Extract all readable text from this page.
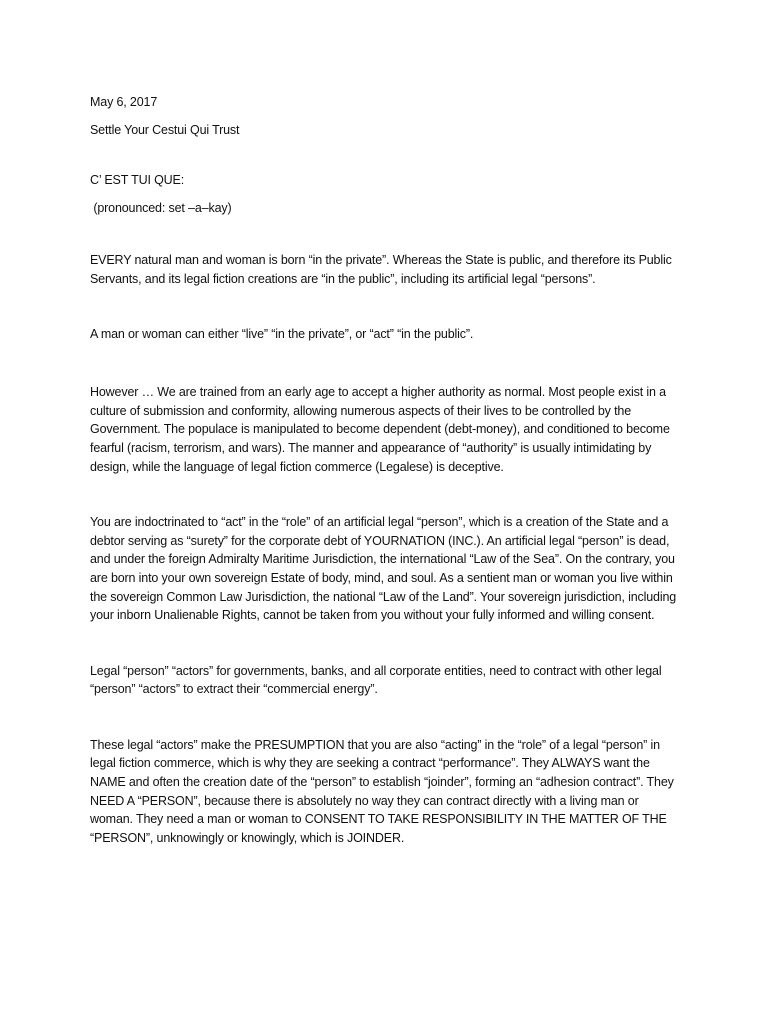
May 6, 2017

Settle Your Cestui Qui Trust

C’ EST TUI QUE:

(pronounced: set –a–kay)

EVERY natural man and woman is born “in the private”. Whereas the State is public, and therefore its Public Servants, and its legal fiction creations are “in the public”, including its artificial legal “persons”.

A man or woman can either “live” “in the private”, or “act” “in the public”.

However … We are trained from an early age to accept a higher authority as normal. Most people exist in a culture of submission and conformity, allowing numerous aspects of their lives to be controlled by the Government. The populace is manipulated to become dependent (debt-money), and conditioned to become fearful (racism, terrorism, and wars). The manner and appearance of “authority” is usually intimidating by design, while the language of legal fiction commerce (Legalese) is deceptive.

You are indoctrinated to “act” in the “role” of an artificial legal “person”, which is a creation of the State and a debtor serving as “surety” for the corporate debt of YOURNATION (INC.). An artificial legal “person” is dead, and under the foreign Admiralty Maritime Jurisdiction, the international “Law of the Sea”. On the contrary, you are born into your own sovereign Estate of body, mind, and soul. As a sentient man or woman you live within the sovereign Common Law Jurisdiction, the national “Law of the Land”. Your sovereign jurisdiction, including your inborn Unalienable Rights, cannot be taken from you without your fully informed and willing consent.

Legal “person” “actors” for governments, banks, and all corporate entities, need to contract with other legal “person” “actors” to extract their “commercial energy”.

These legal “actors” make the PRESUMPTION that you are also “acting” in the “role” of a legal “person” in legal fiction commerce, which is why they are seeking a contract “performance”. They ALWAYS want the NAME and often the creation date of the “person” to establish “joinder”, forming an “adhesion contract”. They NEED A “PERSON”, because there is absolutely no way they can contract directly with a living man or woman. They need a man or woman to CONSENT TO TAKE RESPONSIBILITY IN THE MATTER OF THE “PERSON”, unknowingly or knowingly, which is JOINDER.
